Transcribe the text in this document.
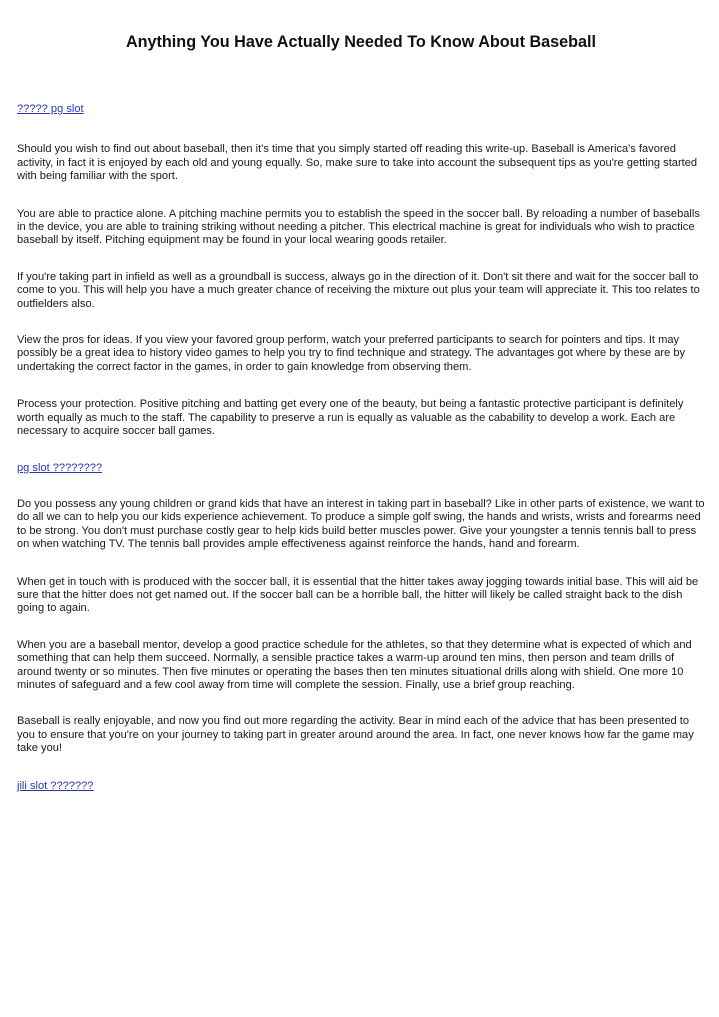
Anything You Have Actually Needed To Know About Baseball
????? pg slot

Should you wish to find out about baseball, then it's time that you simply started off reading this write-up. Baseball is America's favored activity, in fact it is enjoyed by each old and young equally. So, make sure to take into account the subsequent tips as you're getting started with being familiar with the sport.

You are able to practice alone. A pitching machine permits you to establish the speed in the soccer ball. By reloading a number of baseballs in the device, you are able to training striking without needing a pitcher. This electrical machine is great for individuals who wish to practice baseball by itself. Pitching equipment may be found in your local wearing goods retailer.

If you're taking part in infield as well as a groundball is success, always go in the direction of it. Don't sit there and wait for the soccer ball to come to you. This will help you have a much greater chance of receiving the mixture out plus your team will appreciate it. This too relates to outfielders also.

View the pros for ideas. If you view your favored group perform, watch your preferred participants to search for pointers and tips. It may possibly be a great idea to history video games to help you try to find technique and strategy. The advantages got where by these are by undertaking the correct factor in the games, in order to gain knowledge from observing them.

Process your protection. Positive pitching and batting get every one of the beauty, but being a fantastic protective participant is definitely worth equally as much to the staff. The capability to preserve a run is equally as valuable as the cabability to develop a work. Each are necessary to acquire soccer ball games.

pg slot ????????

Do you possess any young children or grand kids that have an interest in taking part in baseball? Like in other parts of existence, we want to do all we can to help you our kids experience achievement. To produce a simple golf swing, the hands and wrists, wrists and forearms need to be strong. You don't must purchase costly gear to help kids build better muscles power. Give your youngster a tennis tennis ball to press on when watching TV. The tennis ball provides ample effectiveness against reinforce the hands, hand and forearm.

When get in touch with is produced with the soccer ball, it is essential that the hitter takes away jogging towards initial base. This will aid be sure that the hitter does not get named out. If the soccer ball can be a horrible ball, the hitter will likely be called straight back to the dish going to again.

When you are a baseball mentor, develop a good practice schedule for the athletes, so that they determine what is expected of which and something that can help them succeed. Normally, a sensible practice takes a warm-up around ten mins, then person and team drills of around twenty or so minutes. Then five minutes or operating the bases then ten minutes situational drills along with shield. One more 10 minutes of safeguard and a few cool away from time will complete the session. Finally, use a brief group reaching.

Baseball is really enjoyable, and now you find out more regarding the activity. Bear in mind each of the advice that has been presented to you to ensure that you're on your journey to taking part in greater around around the area. In fact, one never knows how far the game may take you!

jili slot ???????
